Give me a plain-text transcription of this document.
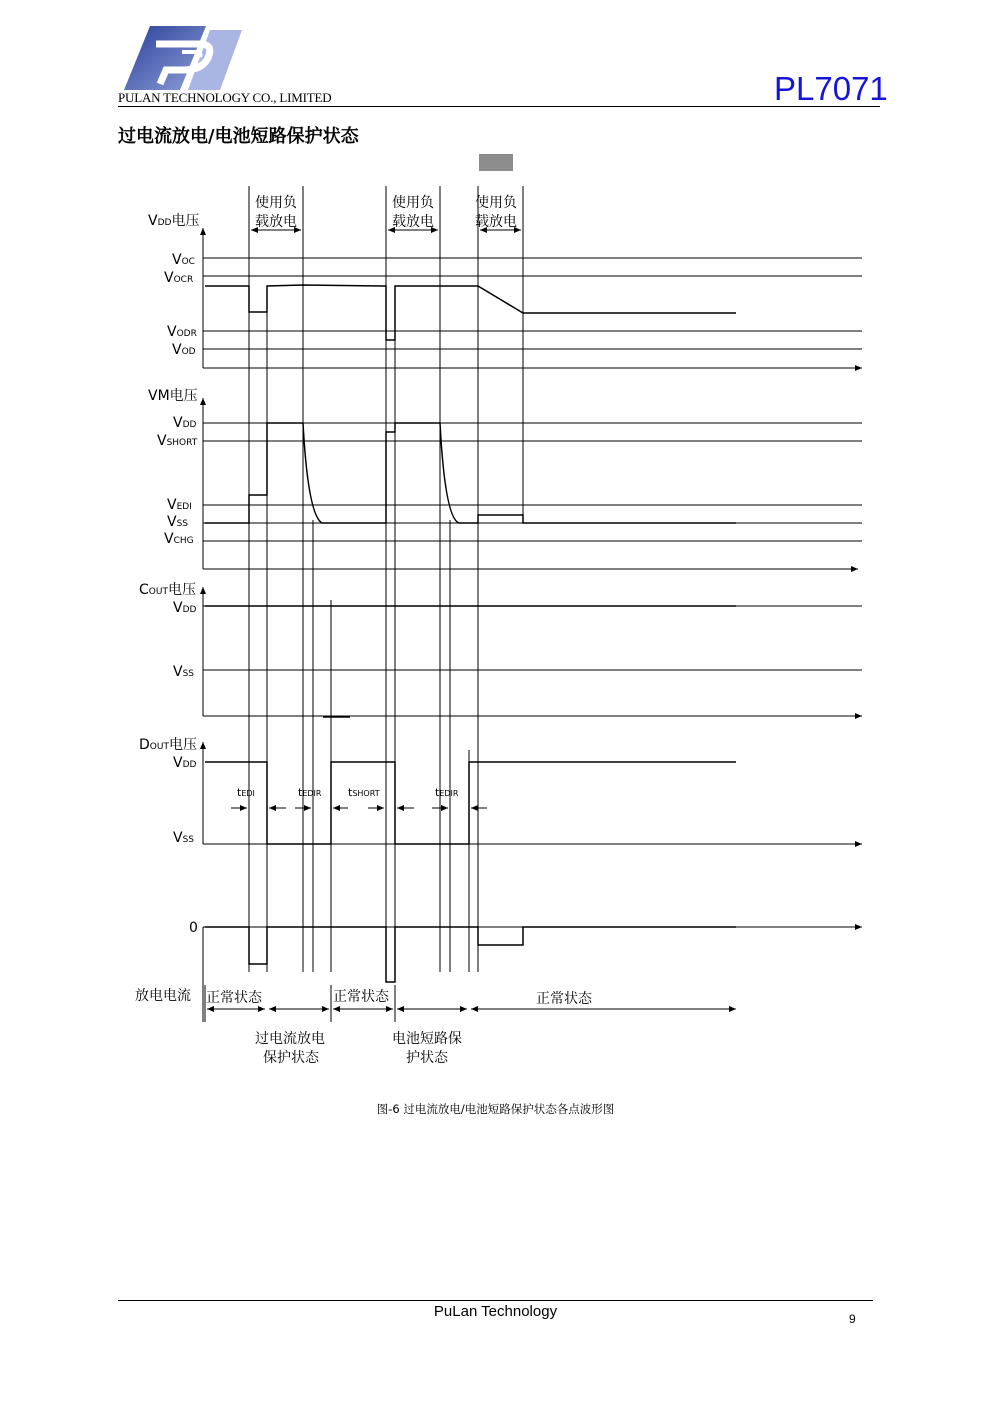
PULAN TECHNOLOGY CO., LIMITED	PL7071
过电流放电/电池短路保护状态
使用负
载放电
使用负
载放电
使用负
载放电
VDD电压
VOC
VOCR
VODR
VOD
VM电压
VDD
VSHORT
VEDI
VSS
VCHG
COUT电压
VDD
VSS
DOUT电压
VDD
VSS
0
放电电流
tEDI	tEDIR tSHORT	tEDIR
正常状态	正常状态	正常状态
过电流放电
保护状态
电池短路保
护状态
图-6 过电流放电/电池短路保护状态各点波形图
PuLan Technology	9
